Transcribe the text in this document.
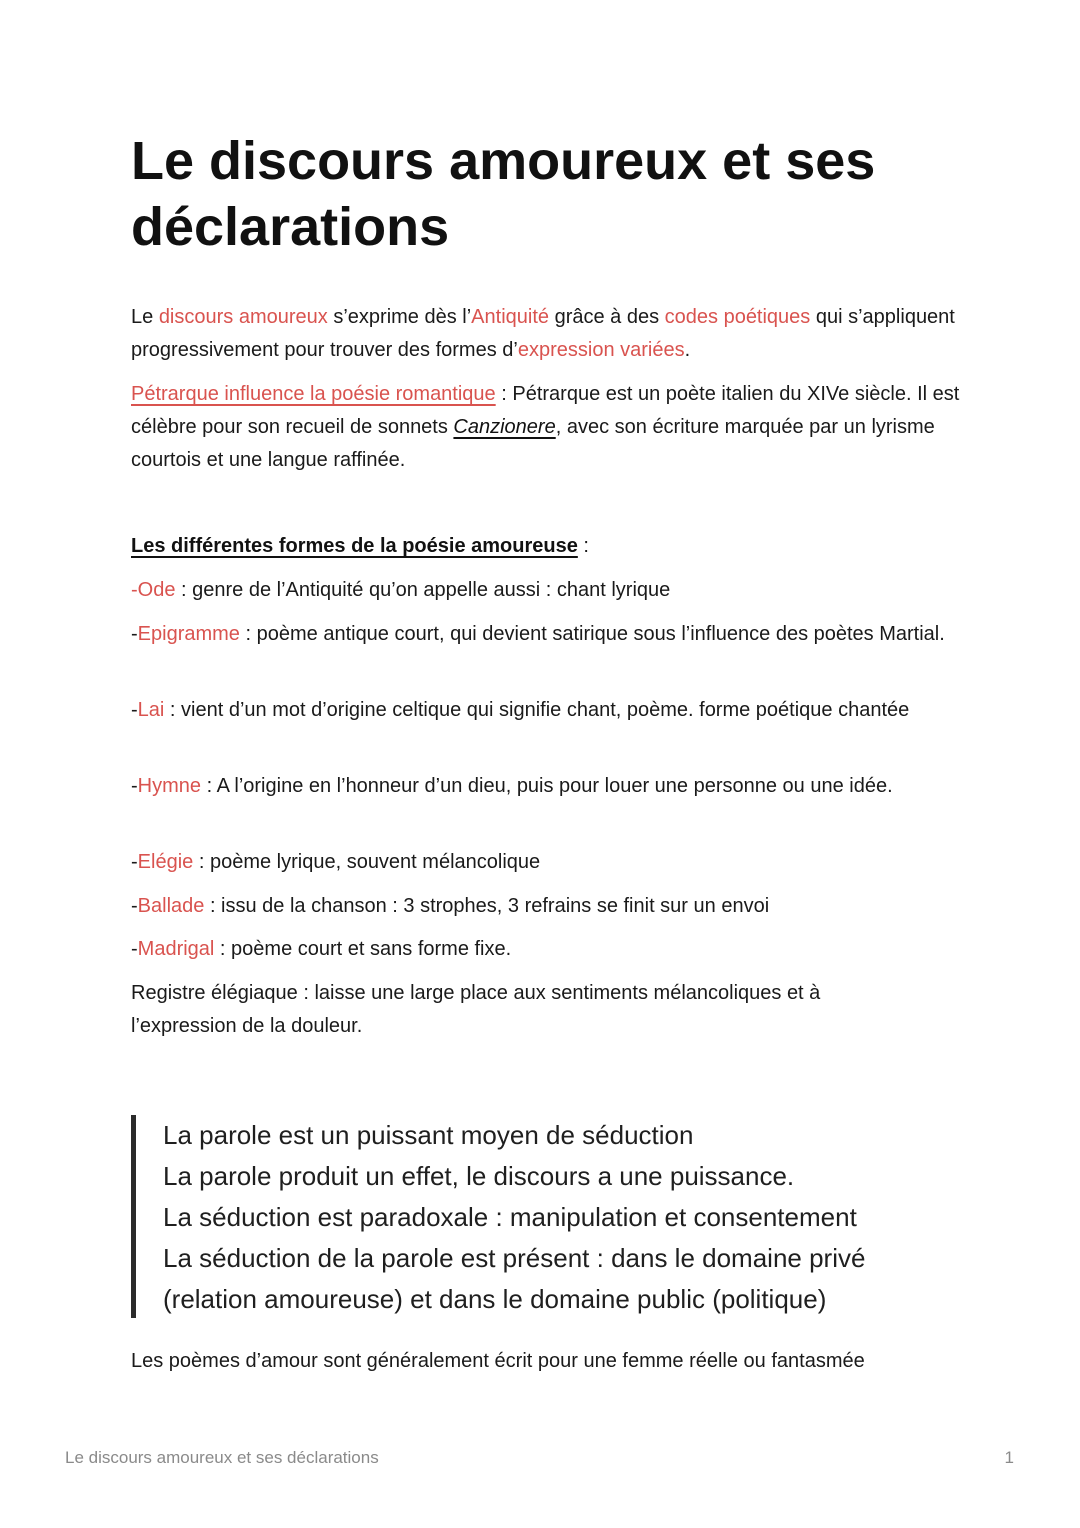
Le discours amoureux et ses déclarations

Le discours amoureux s’exprime dès l’Antiquité grâce à des codes poétiques qui s’appliquent progressivement pour trouver des formes d’expression variées.

Pétrarque influence la poésie romantique : Pétrarque est un poète italien du XIVe siècle. Il est célèbre pour son recueil de sonnets Canzionere, avec son écriture marquée par un lyrisme courtois et une langue raffinée.

Les différentes formes de la poésie amoureuse :

-Ode : genre de l’Antiquité qu’on appelle aussi : chant lyrique

-Epigramme : poème antique court, qui devient satirique sous l’influence des poètes Martial.

-Lai : vient d’un mot d’origine celtique qui signifie chant, poème. forme poétique chantée

-Hymne : A l’origine en l’honneur d’un dieu, puis pour louer une personne ou une idée.

-Elégie : poème lyrique, souvent mélancolique

-Ballade : issu de la chanson : 3 strophes, 3 refrains se finit sur un envoi

-Madrigal : poème court et sans forme fixe.

Registre élégiaque : laisse une large place aux sentiments mélancoliques et à l’expression de la douleur.

La parole est un puissant moyen de séduction
La parole produit un effet, le discours a une puissance.
La séduction est paradoxale : manipulation et consentement
La séduction de la parole est présent : dans le domaine privé
(relation amoureuse) et dans le domaine public (politique)

Les poèmes d’amour sont généralement écrit pour une femme réelle ou fantasmée

Le discours amoureux et ses déclarations	1
